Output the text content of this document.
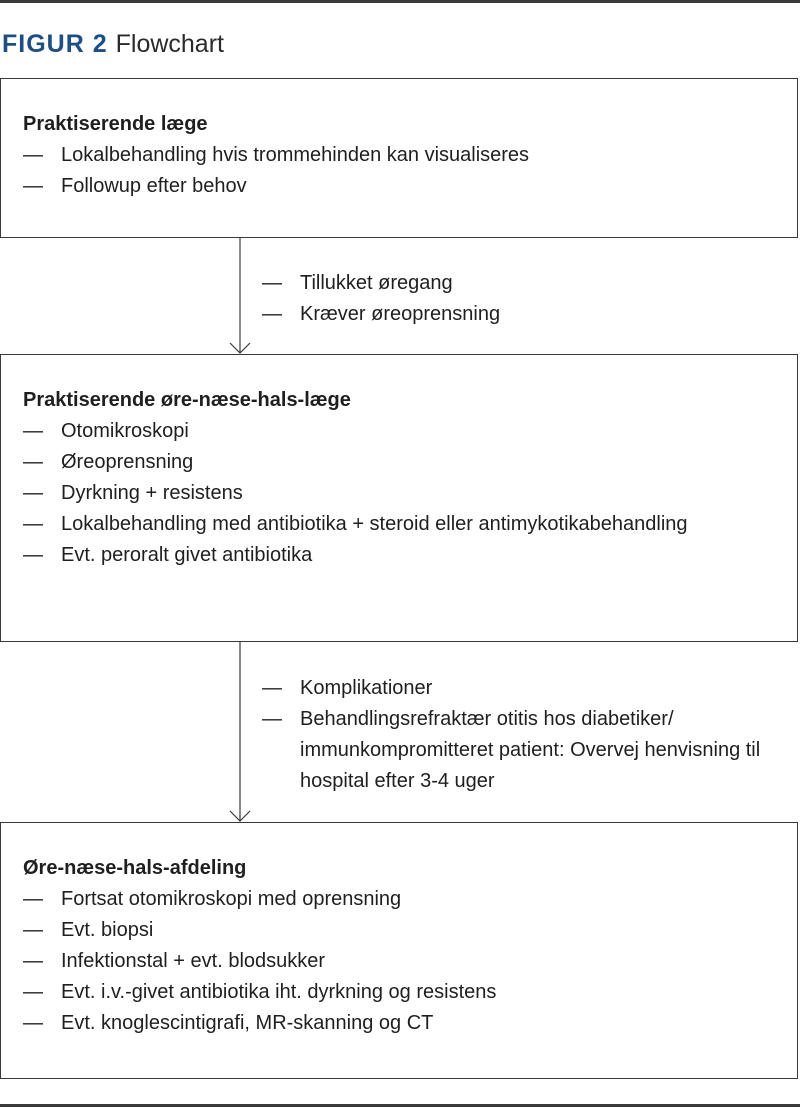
FIGUR 2 Flowchart
Praktiserende læge
— Lokalbehandling hvis trommehinden kan visualiseres
— Followup efter behov
— Tillukket øregang
— Kræver øreoprensning
Praktiserende øre-næse-hals-læge
— Otomikroskopi
— Øreoprensning
— Dyrkning + resistens
— Lokalbehandling med antibiotika + steroid eller antimykotikabehandling
— Evt. peroralt givet antibiotika
— Komplikationer
— Behandlingsrefraktær otitis hos diabetiker/ immunkompromitteret patient: Overvej henvisning til hospital efter 3-4 uger
Øre-næse-hals-afdeling
— Fortsat otomikroskopi med oprensning
— Evt. biopsi
— Infektionstal + evt. blodsukker
— Evt. i.v.-givet antibiotika iht. dyrkning og resistens
— Evt. knoglescintigrafi, MR-skanning og CT
